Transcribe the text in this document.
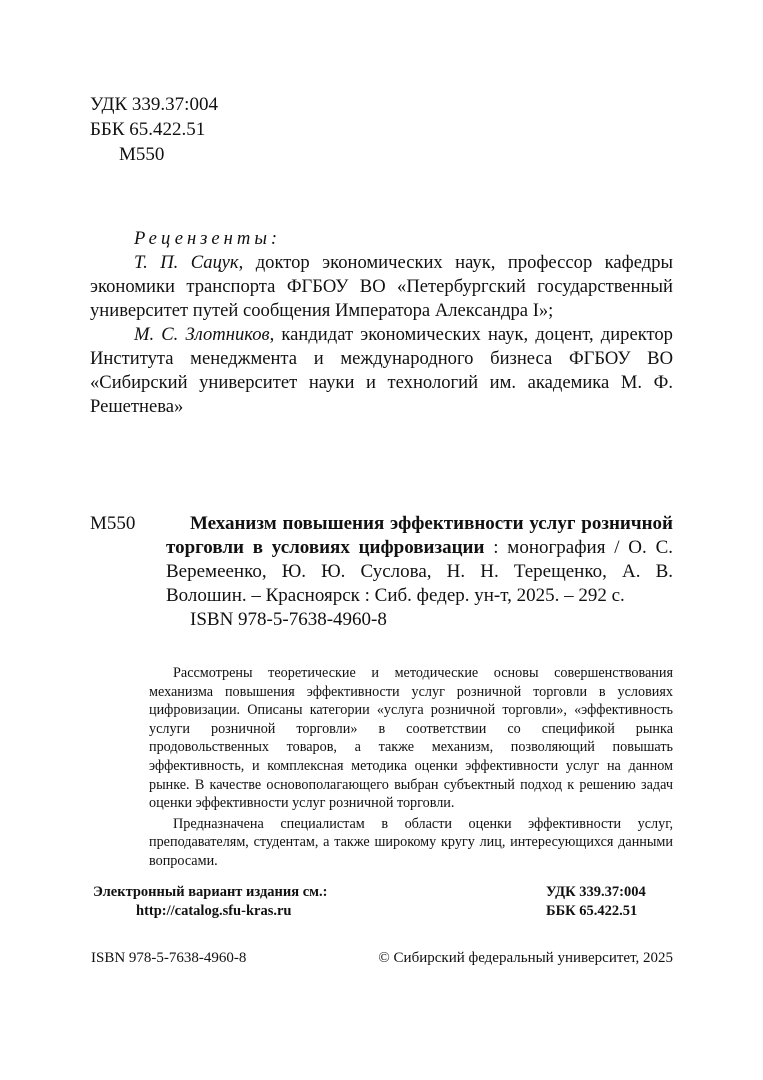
УДК 339.37:004
ББК 65.422.51
М550

Рецензенты:

Т. П. Сацук, доктор экономических наук, профессор кафедры экономики транспорта ФГБОУ ВО «Петербургский государственный университет путей сообщения Императора Александра I»;

М. С. Злотников, кандидат экономических наук, доцент, директор Института менеджмента и международного бизнеса ФГБОУ ВО «Сибирский университет науки и технологий им. академика М. Ф. Решетнева»

М550	Механизм повышения эффективности услуг розничной торговли в условиях цифровизации : монография / О. С. Веремеенко, Ю. Ю. Суслова, Н. Н. Терещенко, А. В. Волошин. – Красноярск : Сиб. федер. ун-т, 2025. – 292 с.

ISBN 978-5-7638-4960-8

Рассмотрены теоретические и методические основы совершенствования механизма повышения эффективности услуг розничной торговли в условиях цифровизации. Описаны категории «услуга розничной торговли», «эффективность услуги розничной торговли» в соответствии со спецификой рынка продовольственных товаров, а также механизм, позволяющий повышать эффективность, и комплексная методика оценки эффективности услуг на данном рынке. В качестве основополагающего выбран субъектный подход к решению задач оценки эффективности услуг розничной торговли.

Предназначена специалистам в области оценки эффективности услуг, преподавателям, студентам, а также широкому кругу лиц, интересующихся данными вопросами.

Электронный вариант издания см.:
http://catalog.sfu-kras.ru
УДК 339.37:004
ББК 65.422.51
ISBN 978-5-7638-4960-8	© Сибирский федеральный университет, 2025
